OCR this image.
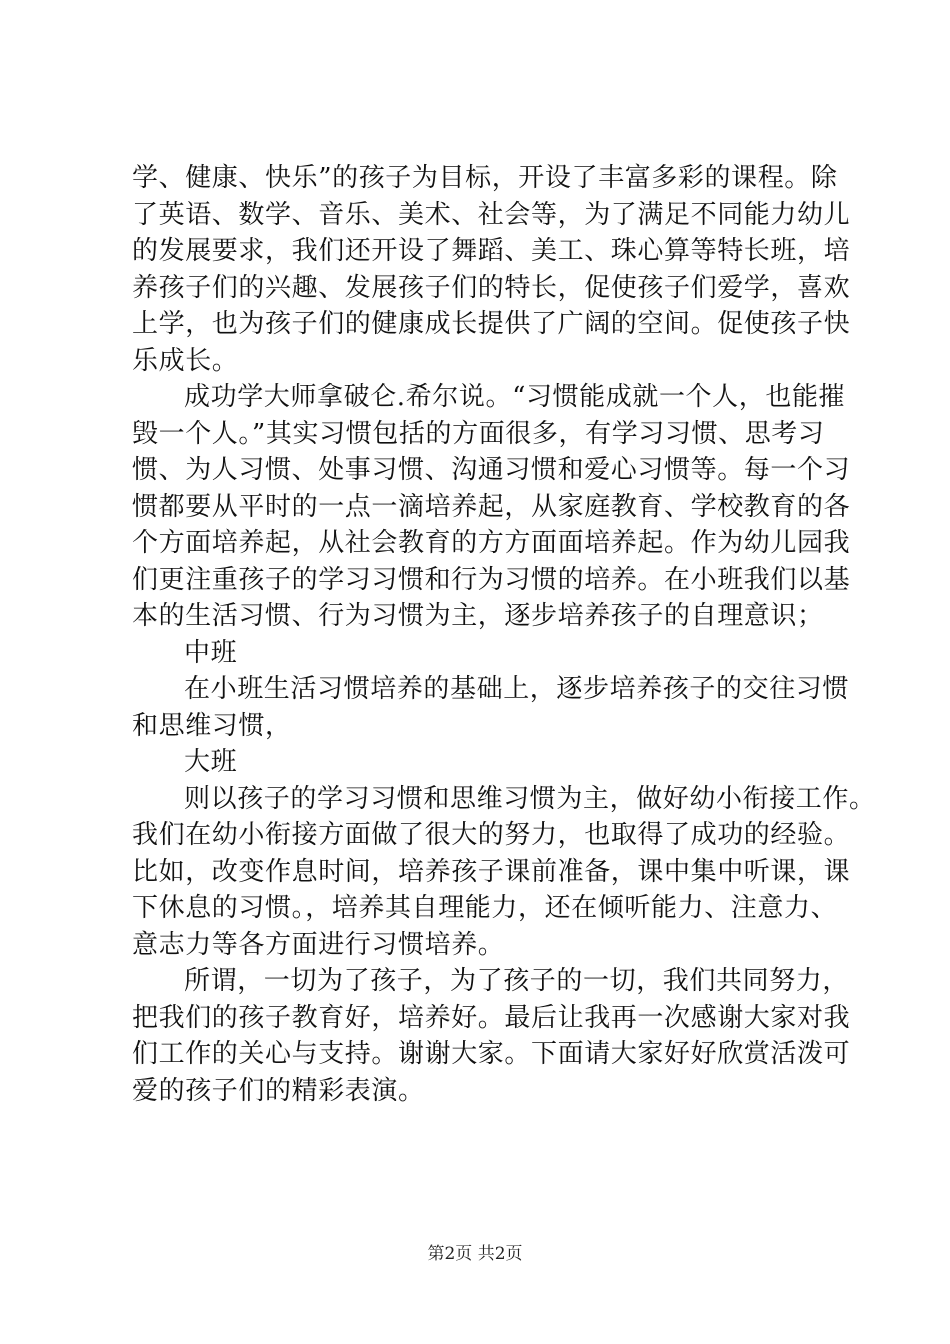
学、健康、快乐”的孩子为目标，开设了丰富多彩的课程。除
了英语、数学、音乐、美术、社会等，为了满足不同能力幼儿
的发展要求，我们还开设了舞蹈、美工、珠心算等特长班，培
养孩子们的兴趣、发展孩子们的特长，促使孩子们爱学，喜欢
上学，也为孩子们的健康成长提供了广阔的空间。促使孩子快
乐成长。
成功学大师拿破仑.希尔说。“习惯能成就一个人，也能摧
毁一个人。”其实习惯包括的方面很多，有学习习惯、思考习
惯、为人习惯、处事习惯、沟通习惯和爱心习惯等。每一个习
惯都要从平时的一点一滴培养起，从家庭教育、学校教育的各
个方面培养起，从社会教育的方方面面培养起。作为幼儿园我
们更注重孩子的学习习惯和行为习惯的培养。在小班我们以基
本的生活习惯、行为习惯为主，逐步培养孩子的自理意识；
中班
在小班生活习惯培养的基础上，逐步培养孩子的交往习惯
和思维习惯，
大班
则以孩子的学习习惯和思维习惯为主，做好幼小衔接工作。
我们在幼小衔接方面做了很大的努力，也取得了成功的经验。
比如，改变作息时间，培养孩子课前准备，课中集中听课，课
下休息的习惯。，培养其自理能力，还在倾听能力、注意力、
意志力等各方面进行习惯培养。
所谓，一切为了孩子，为了孩子的一切，我们共同努力，
把我们的孩子教育好，培养好。最后让我再一次感谢大家对我
们工作的关心与支持。谢谢大家。下面请大家好好欣赏活泼可
爱的孩子们的精彩表演。
第2页 共2页
